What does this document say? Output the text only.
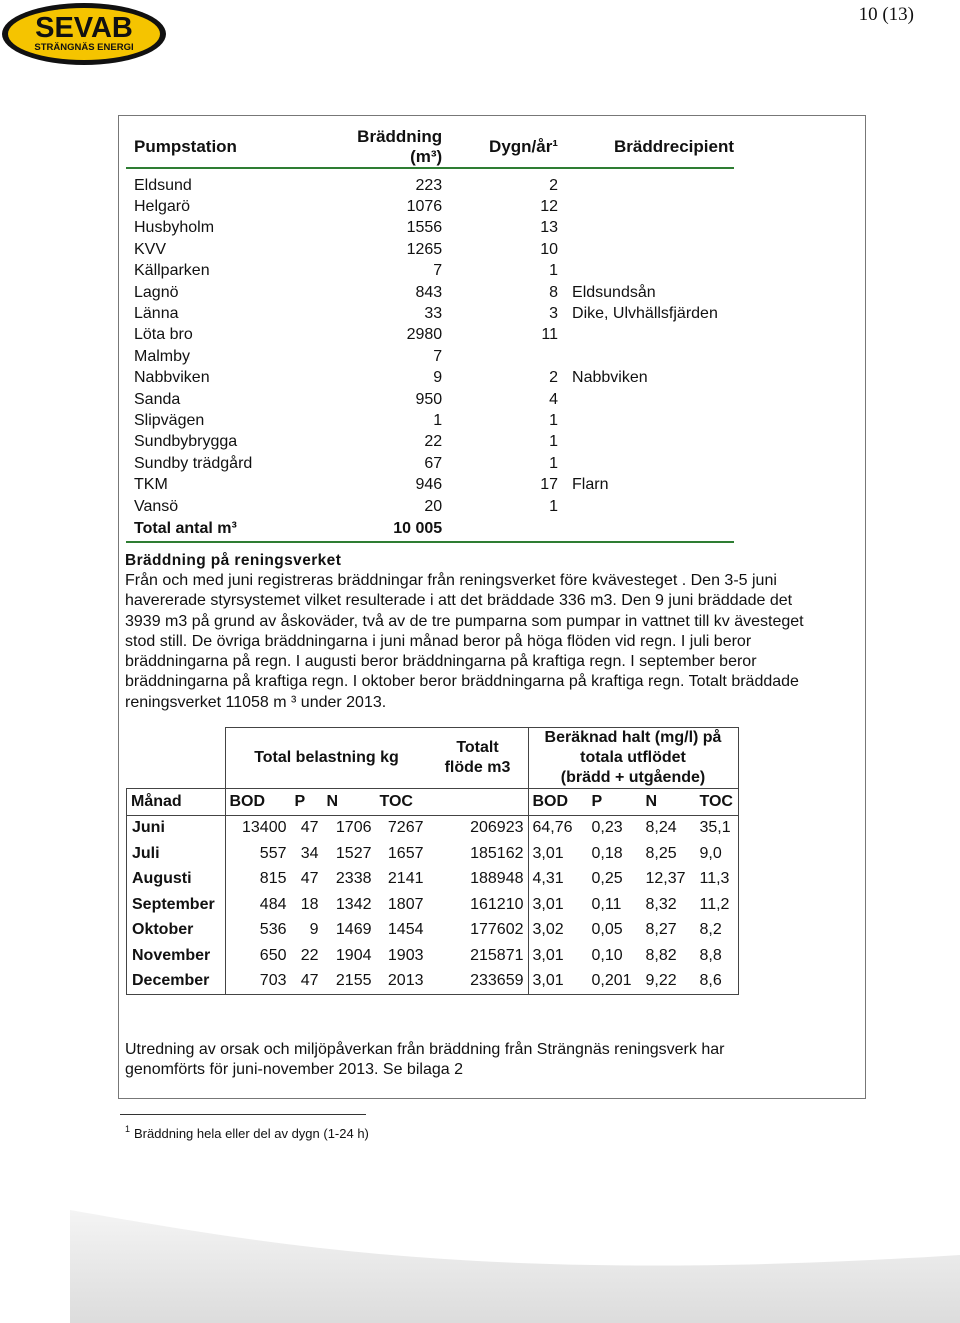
SEVAB
STRÄNGNÄS ENERGI
10 (13)
Pumpstation	Bräddning (m³)	Dygn/år¹	Bräddrecipient

Eldsund	223	2	
Helgarö	1076	12	
Husbyholm	1556	13	
KVV	1265	10	
Källparken	7	1	
Lagnö	843	8	Eldsundsån
Länna	33	3	Dike, Ulvhällsfjärden
Löta bro	2980	11	
Malmby	7		
Nabbviken	9	2	Nabbviken
Sanda	950	4	
Slipvägen	1	1	
Sundbybrygga	22	1	
Sundby trädgård	67	1	
TKM	946	17	Flarn
Vansö	20	1	
Total antal m³	10 005		

Bräddning på reningsverket
Från och med juni registreras bräddningar från reningsverket före kvävesteget . Den 3-5 juni
havererade styrsystemet vilket resulterade i att det bräddade 336 m3. Den 9 juni bräddade det
3939 m3 på grund av åskoväder, två av de tre pumparna som pumpar in vattnet till kv ävesteget
stod still. De övriga bräddningarna i juni månad beror på höga flöden vid regn. I juli beror
bräddningarna på regn. I augusti beror bräddningarna på kraftiga regn. I september beror
bräddningarna på kraftiga regn. I oktober beror bräddningarna på kraftiga regn. Totalt bräddade
reningsverket 11058 m ³ under 2013.
	Total belastning kg				Totalt
flöde m3	Beräknad halt (mg/l) på
totala utflödet
(brädd + utgående)			
Månad	BOD	P	N	TOC		BOD	P	N	TOC
Juni	13400	47	1706	7267	206923	64,76	0,23	8,24	35,1
Juli	557	34	1527	1657	185162	3,01	0,18	8,25	9,0
Augusti	815	47	2338	2141	188948	4,31	0,25	12,37	11,3
September	484	18	1342	1807	161210	3,01	0,11	8,32	11,2
Oktober	536	9	1469	1454	177602	3,02	0,05	8,27	8,2
November	650	22	1904	1903	215871	3,01	0,10	8,82	8,8
December	703	47	2155	2013	233659	3,01	0,201	9,22	8,6
Utredning av orsak och miljöpåverkan från bräddning från Strängnäs reningsverk har
genomförts för juni-november 2013. Se bilaga 2
$^1$ Bräddning hela eller del av dygn (1-24 h)
